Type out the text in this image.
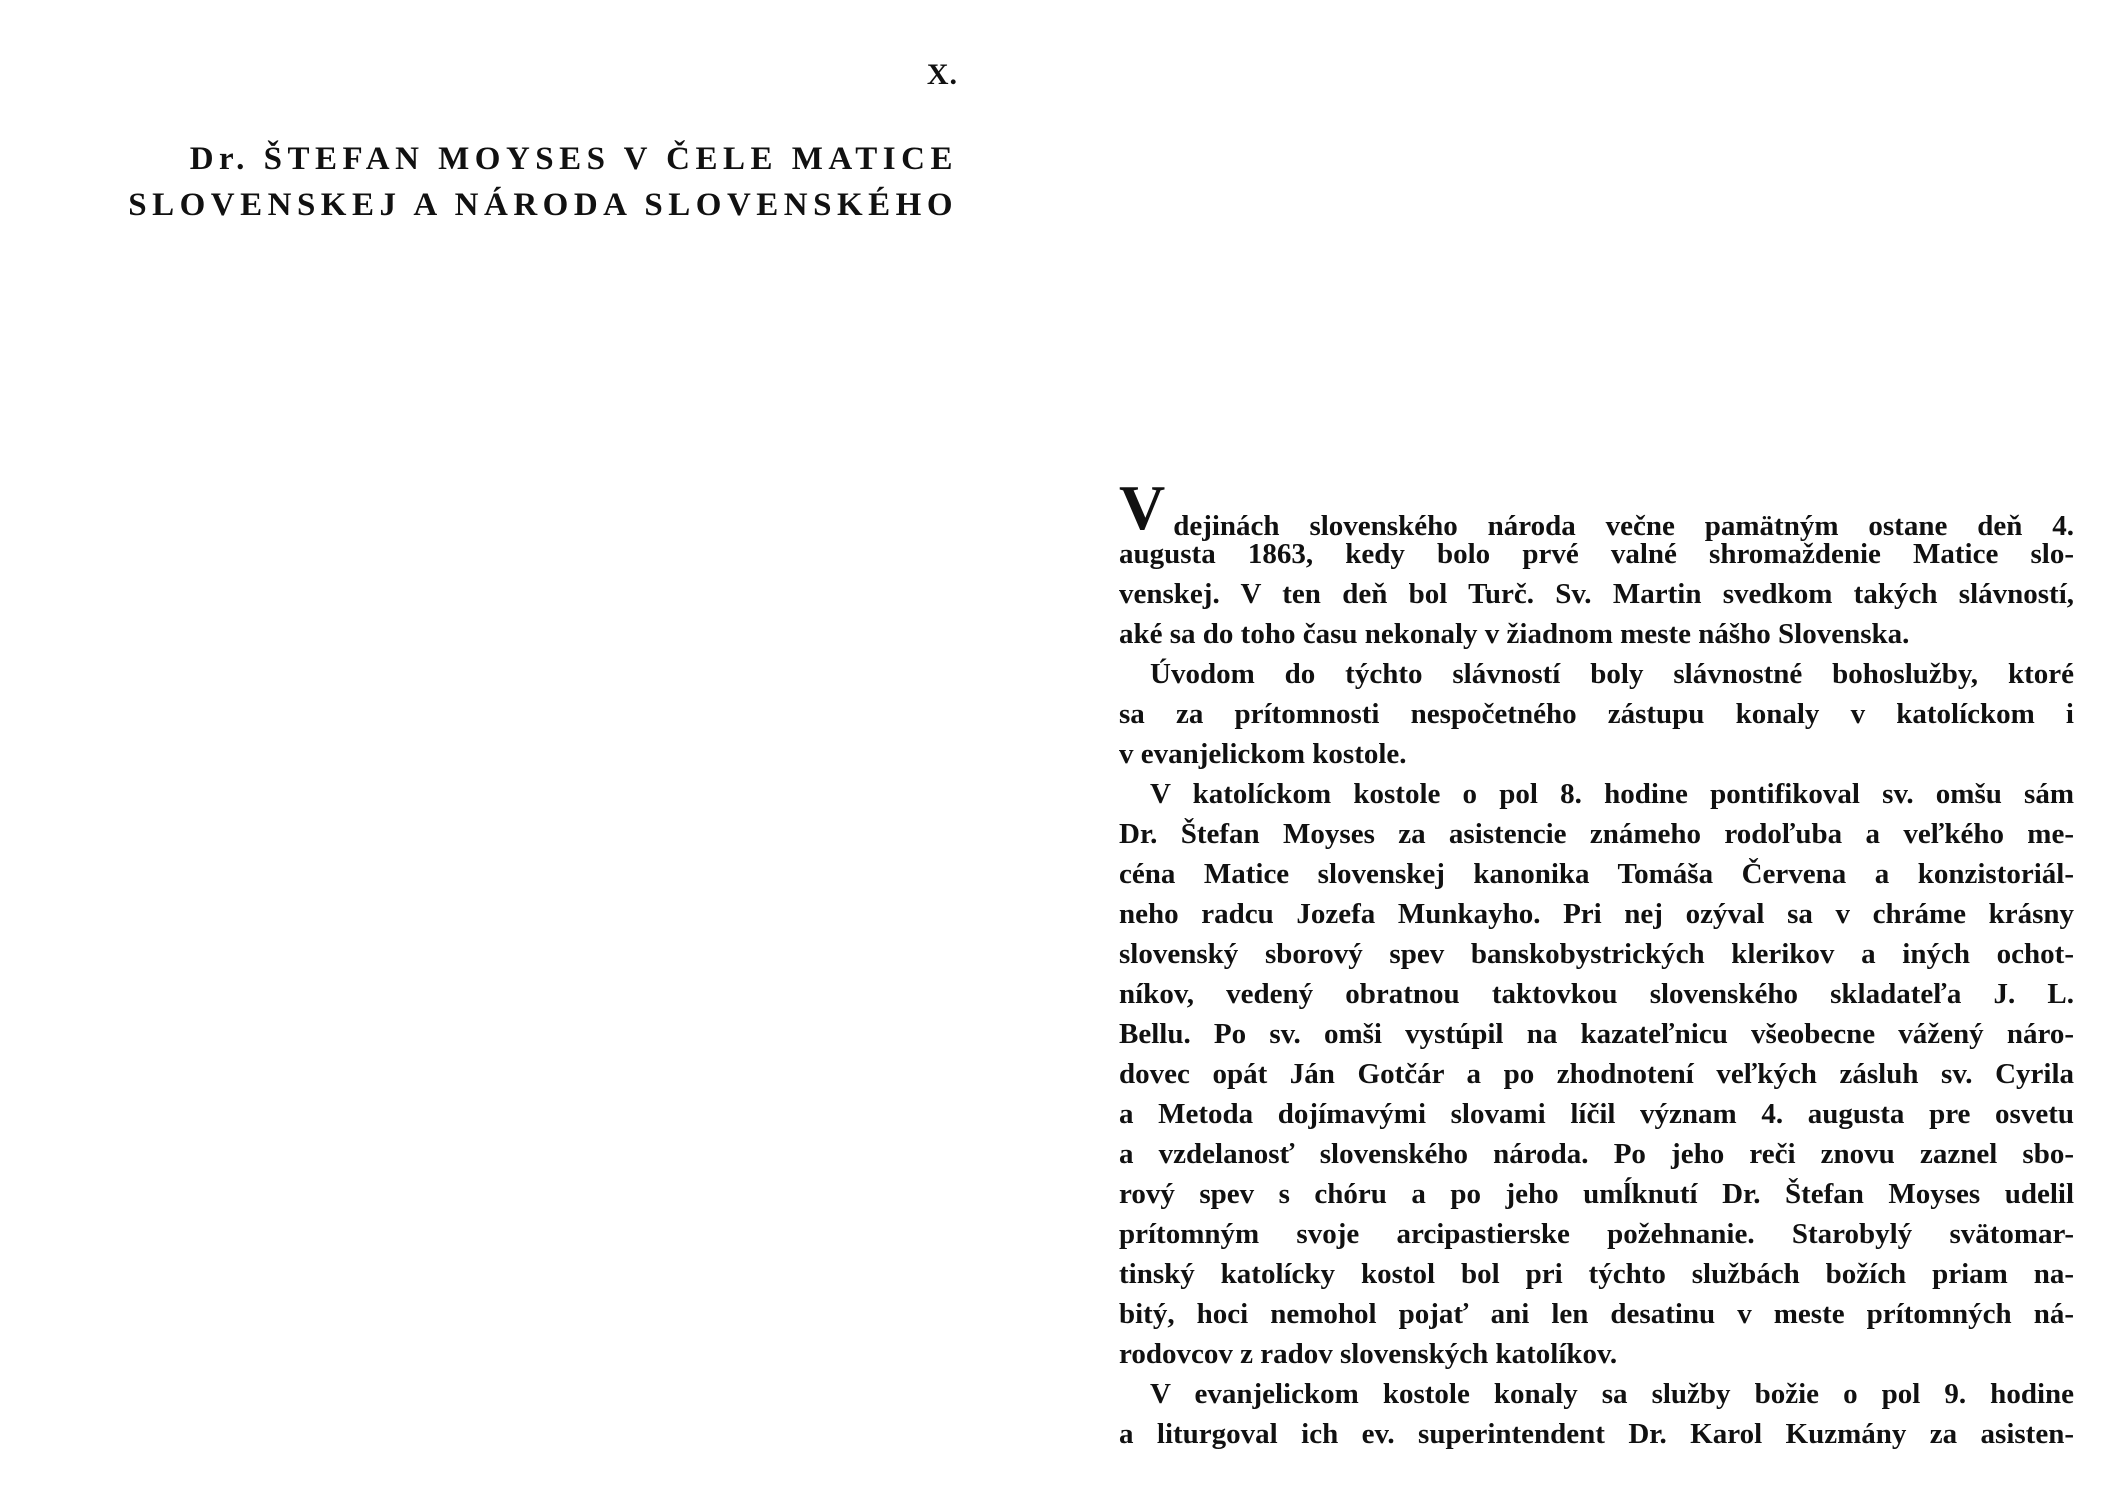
X.
Dr. ŠTEFAN MOYSES V ČELE MATICE
SLOVENSKEJ A NÁRODA SLOVENSKÉHO
Vdejinách slovenského národa večne pamätným ostane deň 4.
augusta 1863, kedy bolo prvé valné shromaždenie Matice slo-
venskej. V ten deň bol Turč. Sv. Martin svedkom takých slávností,
aké sa do toho času nekonaly v žiadnom meste nášho Slovenska.
Úvodom do týchto slávností boly slávnostné bohoslužby, ktoré
sa za prítomnosti nespočetného zástupu konaly v katolíckom i
v evanjelickom kostole.
V katolíckom kostole o pol 8. hodine pontifikoval sv. omšu sám
Dr. Štefan Moyses za asistencie známeho rodoľuba a veľkého me-
céna Matice slovenskej kanonika Tomáša Červena a konzistoriál-
neho radcu Jozefa Munkayho. Pri nej ozýval sa v chráme krásny
slovenský sborový spev banskobystrických klerikov a iných ochot-
níkov, vedený obratnou taktovkou slovenského skladateľa J. L.
Bellu. Po sv. omši vystúpil na kazateľnicu všeobecne vážený náro-
dovec opát Ján Gotčár a po zhodnotení veľkých zásluh sv. Cyrila
a Metoda dojímavými slovami líčil význam 4. augusta pre osvetu
a vzdelanosť slovenského národa. Po jeho reči znovu zaznel sbo-
rový spev s chóru a po jeho umĺknutí Dr. Štefan Moyses udelil
prítomným svoje arcipastierske požehnanie. Starobylý svätomar-
tinský katolícky kostol bol pri týchto službách božích priam na-
bitý, hoci nemohol pojať ani len desatinu v meste prítomných ná-
rodovcov z radov slovenských katolíkov.
V evanjelickom kostole konaly sa služby božie o pol 9. hodine
a liturgoval ich ev. superintendent Dr. Karol Kuzmány za asisten-
